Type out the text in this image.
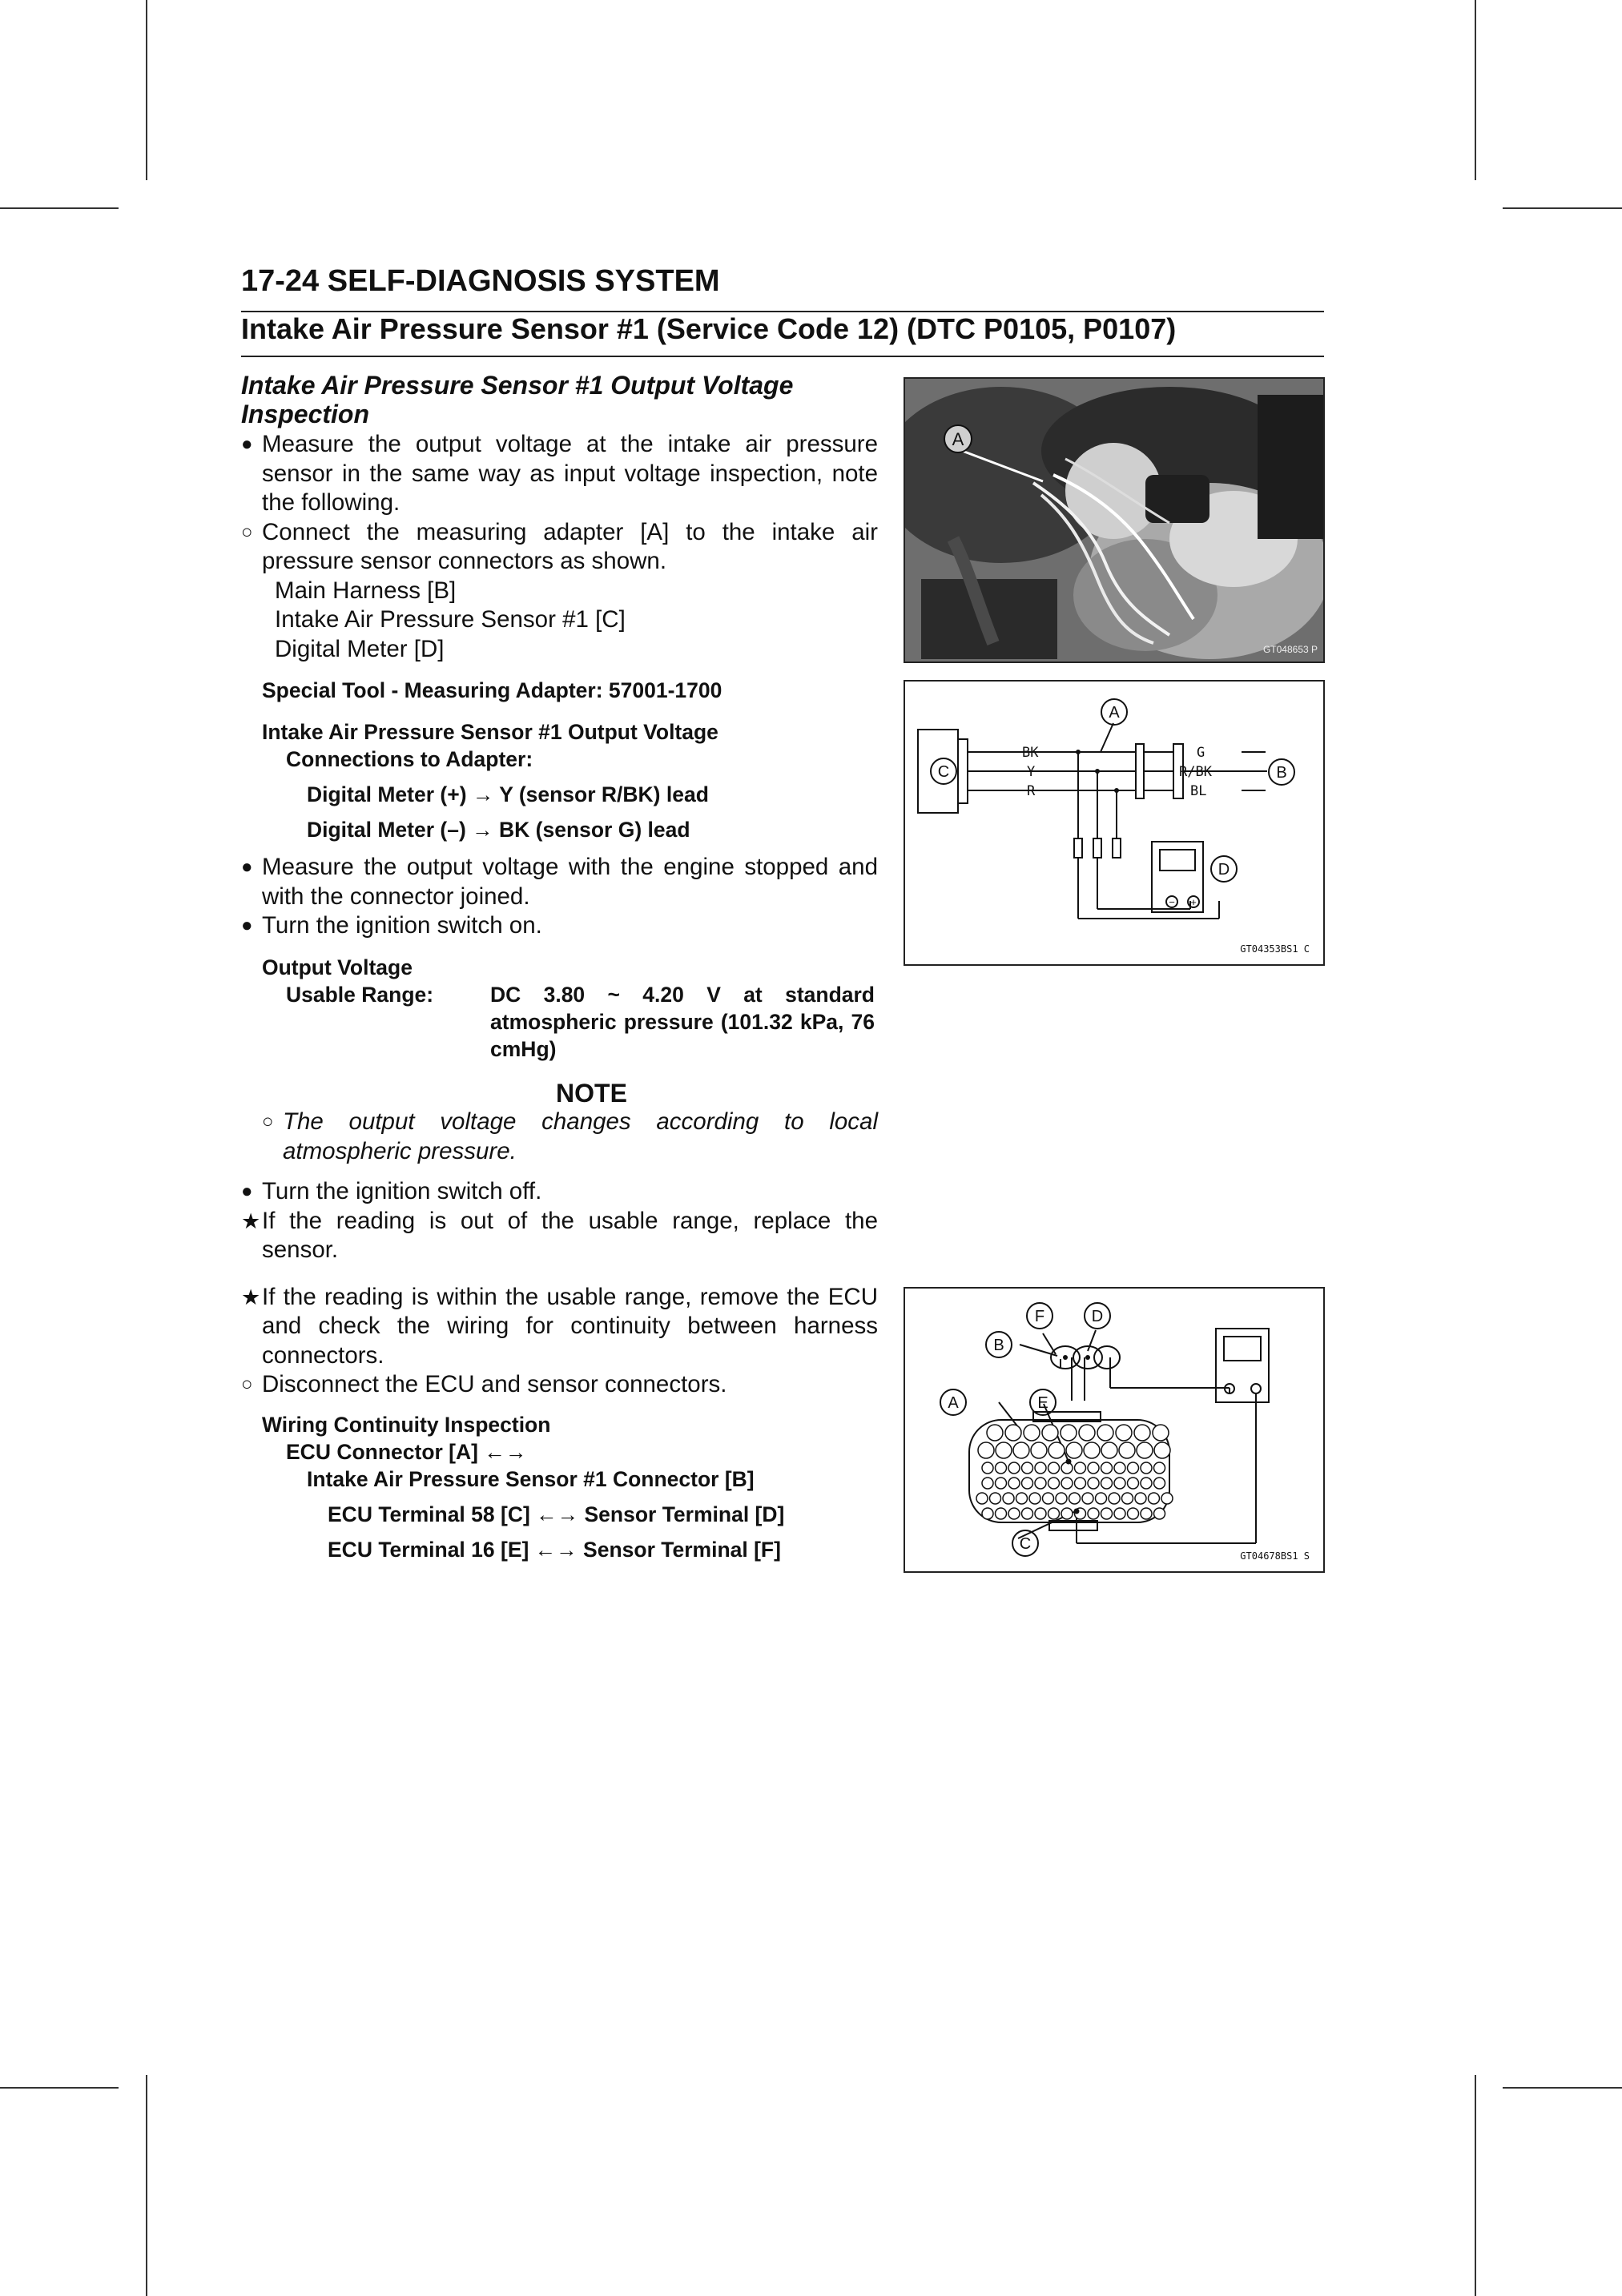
17-24 SELF-DIAGNOSIS SYSTEM
Intake Air Pressure Sensor #1 (Service Code 12) (DTC P0105, P0107)

Intake Air Pressure Sensor #1 Output Voltage Inspection

● Measure the output voltage at the intake air pressure sensor in the same way as input voltage inspection, note the following.
○ Connect the measuring adapter [A] to the intake air pressure sensor connectors as shown.
Main Harness [B]
Intake Air Pressure Sensor #1 [C]
Digital Meter [D]
Special Tool - Measuring Adapter: 57001-1700
Intake Air Pressure Sensor #1 Output Voltage
Connections to Adapter:
Digital Meter (+) → Y (sensor R/BK) lead
Digital Meter (–) → BK (sensor G) lead
● Measure the output voltage with the engine stopped and with the connector joined.
● Turn the ignition switch on.
Output Voltage
Usable Range:	DC 3.80 ~ 4.20 V at standard atmospheric pressure (101.32 kPa, 76 cmHg)

NOTE

○ The output voltage changes according to local atmospheric pressure.
● Turn the ignition switch off.
★ If the reading is out of the usable range, replace the sensor.
★ If the reading is within the usable range, remove the ECU and check the wiring for continuity between harness connectors.
○ Disconnect the ECU and sensor connectors.
Wiring Continuity Inspection
ECU Connector [A] ←→
Intake Air Pressure Sensor #1 Connector [B]
ECU Terminal 58 [C] ←→ Sensor Terminal [D]
ECU Terminal 16 [E] ←→ Sensor Terminal [F]
A
GT048653 P
BK
Y
R
G
R/BK
BL
A
C	B
D
− +
GT04353BS1 C
A
B
C
D
E
F
GT04678BS1 S
